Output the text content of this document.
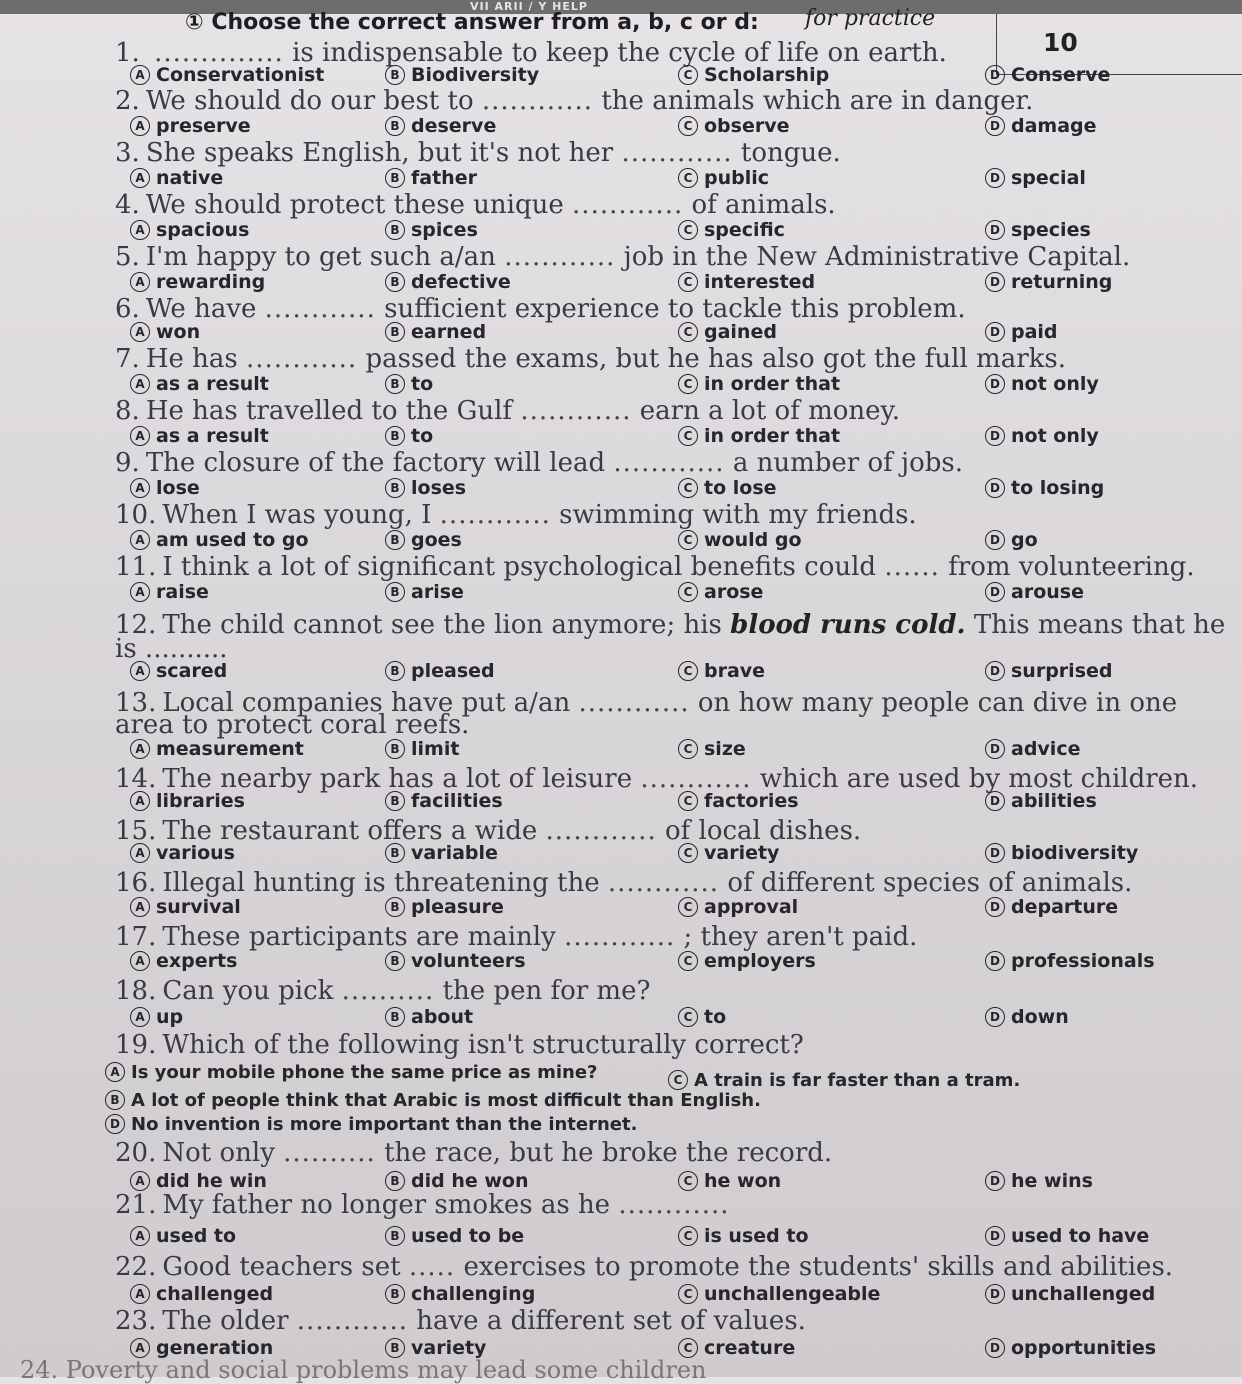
VII ARII / Y HELP	for practice
10
① Choose the correct answer from a, b, c or d:
1. .............. is indispensable to keep the cycle of life on earth.
A Conservationist	B Biodiversity	C Scholarship	D Conserve
2. We should do our best to ............ the animals which are in danger.
A preserve	B deserve	C observe	D damage
3. She speaks English, but it's not her ............ tongue.
A native	B father	C public	D special
4. We should protect these unique ............ of animals.
A spacious	B spices	C specific	D species
5. I'm happy to get such a/an ............ job in the New Administrative Capital.
A rewarding	B defective	C interested	D returning
6. We have ............ sufficient experience to tackle this problem.
A won	B earned	C gained	D paid
7. He has ............ passed the exams, but he has also got the full marks.
A as a result	B to	C in order that	D not only
8. He has travelled to the Gulf ............ earn a lot of money.
A as a result	B to	C in order that	D not only
9. The closure of the factory will lead ............ a number of jobs.
A lose	B loses	C to lose	D to losing
10. When I was young, I ............ swimming with my friends.
A am used to go	B goes	C would go	D go
11. I think a lot of significant psychological benefits could ...... from volunteering.
A raise	B arise	C arose	D arouse
12. The child cannot see the lion anymore; his blood runs cold. This means that he
is ..........
A scared	B pleased	C brave	D surprised
13. Local companies have put a/an ............ on how many people can dive in one
area to protect coral reefs.
A measurement	B limit	C size	D advice
14. The nearby park has a lot of leisure ............ which are used by most children.
A libraries	B facilities	C factories	D abilities
15. The restaurant offers a wide ............ of local dishes.
A various	B variable	C variety	D biodiversity
16. Illegal hunting is threatening the ............ of different species of animals.
A survival	B pleasure	C approval	D departure
17. These participants are mainly ............ ; they aren't paid.
A experts	B volunteers	C employers	D professionals
18. Can you pick .......... the pen for me?
A up	B about	C to	D down
19. Which of the following isn't structurally correct?
A Is your mobile phone the same price as mine?
B A lot of people think that Arabic is most difficult than English.
C A train is far faster than a tram.
D No invention is more important than the internet.
20. Not only .......... the race, but he broke the record.
A did he win	B did he won	C he won	D he wins
21. My father no longer smokes as he ............
A used to	B used to be	C is used to	D used to have
22. Good teachers set ..... exercises to promote the students' skills and abilities.
A challenged	B challenging	C unchallengeable	D unchallenged
23. The older ............ have a different set of values.
A generation	B variety	C creature	D opportunities
24. Poverty and social problems may lead some children
